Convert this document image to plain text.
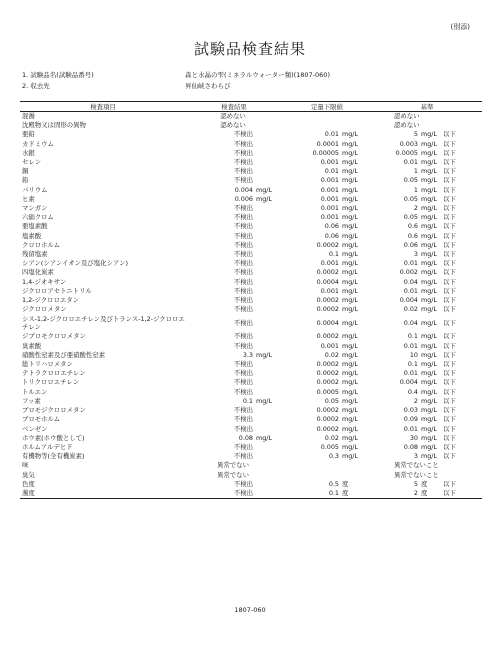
(別添)
試験品検査結果
1. 試験品名(試験品番号)	森と水晶の雫(ミネラルウォーター類)(1807-060)
2. 収去先	昇仙峡さわらび
検査項目	検査結果	定量下限値	基準
混濁	認めない		認めない
沈殿物又は固形の異物	認めない		認めない
亜鉛	不検出	0.01 mg/L	5 mg/L 以下
カドミウム	不検出	0.0001 mg/L	0.003 mg/L 以下
水銀	不検出	0.00005 mg/L	0.0005 mg/L 以下
セレン	不検出	0.001 mg/L	0.01 mg/L 以下
銅	不検出	0.01 mg/L	1 mg/L 以下
鉛	不検出	0.001 mg/L	0.05 mg/L 以下
バリウム	0.004 mg/L	0.001 mg/L	1 mg/L 以下
ヒ素	0.006 mg/L	0.001 mg/L	0.05 mg/L 以下
マンガン	不検出	0.001 mg/L	2 mg/L 以下
六価クロム	不検出	0.001 mg/L	0.05 mg/L 以下
亜塩素酸	不検出	0.06 mg/L	0.6 mg/L 以下
塩素酸	不検出	0.06 mg/L	0.6 mg/L 以下
クロロホルム	不検出	0.0002 mg/L	0.06 mg/L 以下
残留塩素	不検出	0.1 mg/L	3 mg/L 以下
シアン(シアンイオン及び塩化シアン)	不検出	0.001 mg/L	0.01 mg/L 以下
四塩化炭素	不検出	0.0002 mg/L	0.002 mg/L 以下
1,4-ジオキサン	不検出	0.0004 mg/L	0.04 mg/L 以下
ジクロロアセトニトリル	不検出	0.001 mg/L	0.01 mg/L 以下
1,2-ジクロロエタン	不検出	0.0002 mg/L	0.004 mg/L 以下
ジクロロメタン	不検出	0.0002 mg/L	0.02 mg/L 以下
シス-1,2-ジクロロエチレン及びトランス-1,2-ジクロロエチレン	不検出	0.0004 mg/L	0.04 mg/L 以下
ジブロモクロロメタン	不検出	0.0002 mg/L	0.1 mg/L 以下
臭素酸	不検出	0.001 mg/L	0.01 mg/L 以下
硝酸性窒素及び亜硝酸性窒素	3.3 mg/L	0.02 mg/L	10 mg/L 以下
総トリハロメタン	不検出	0.0002 mg/L	0.1 mg/L 以下
テトラクロロエチレン	不検出	0.0002 mg/L	0.01 mg/L 以下
トリクロロエチレン	不検出	0.0002 mg/L	0.004 mg/L 以下
トルエン	不検出	0.0005 mg/L	0.4 mg/L 以下
フッ素	0.1 mg/L	0.05 mg/L	2 mg/L 以下
ブロモジクロロメタン	不検出	0.0002 mg/L	0.03 mg/L 以下
ブロモホルム	不検出	0.0002 mg/L	0.09 mg/L 以下
ベンゼン	不検出	0.0002 mg/L	0.01 mg/L 以下
ホウ素(ホウ酸として)	0.08 mg/L	0.02 mg/L	30 mg/L 以下
ホルムアルデヒド	不検出	0.005 mg/L	0.08 mg/L 以下
有機物等(全有機炭素)	不検出	0.3 mg/L	3 mg/L 以下
味	異常でない		異常でないこと
臭気	異常でない		異常でないこと
色度	不検出	0.5 度	5 度 以下
濁度	不検出	0.1 度	2 度 以下
1807-060
